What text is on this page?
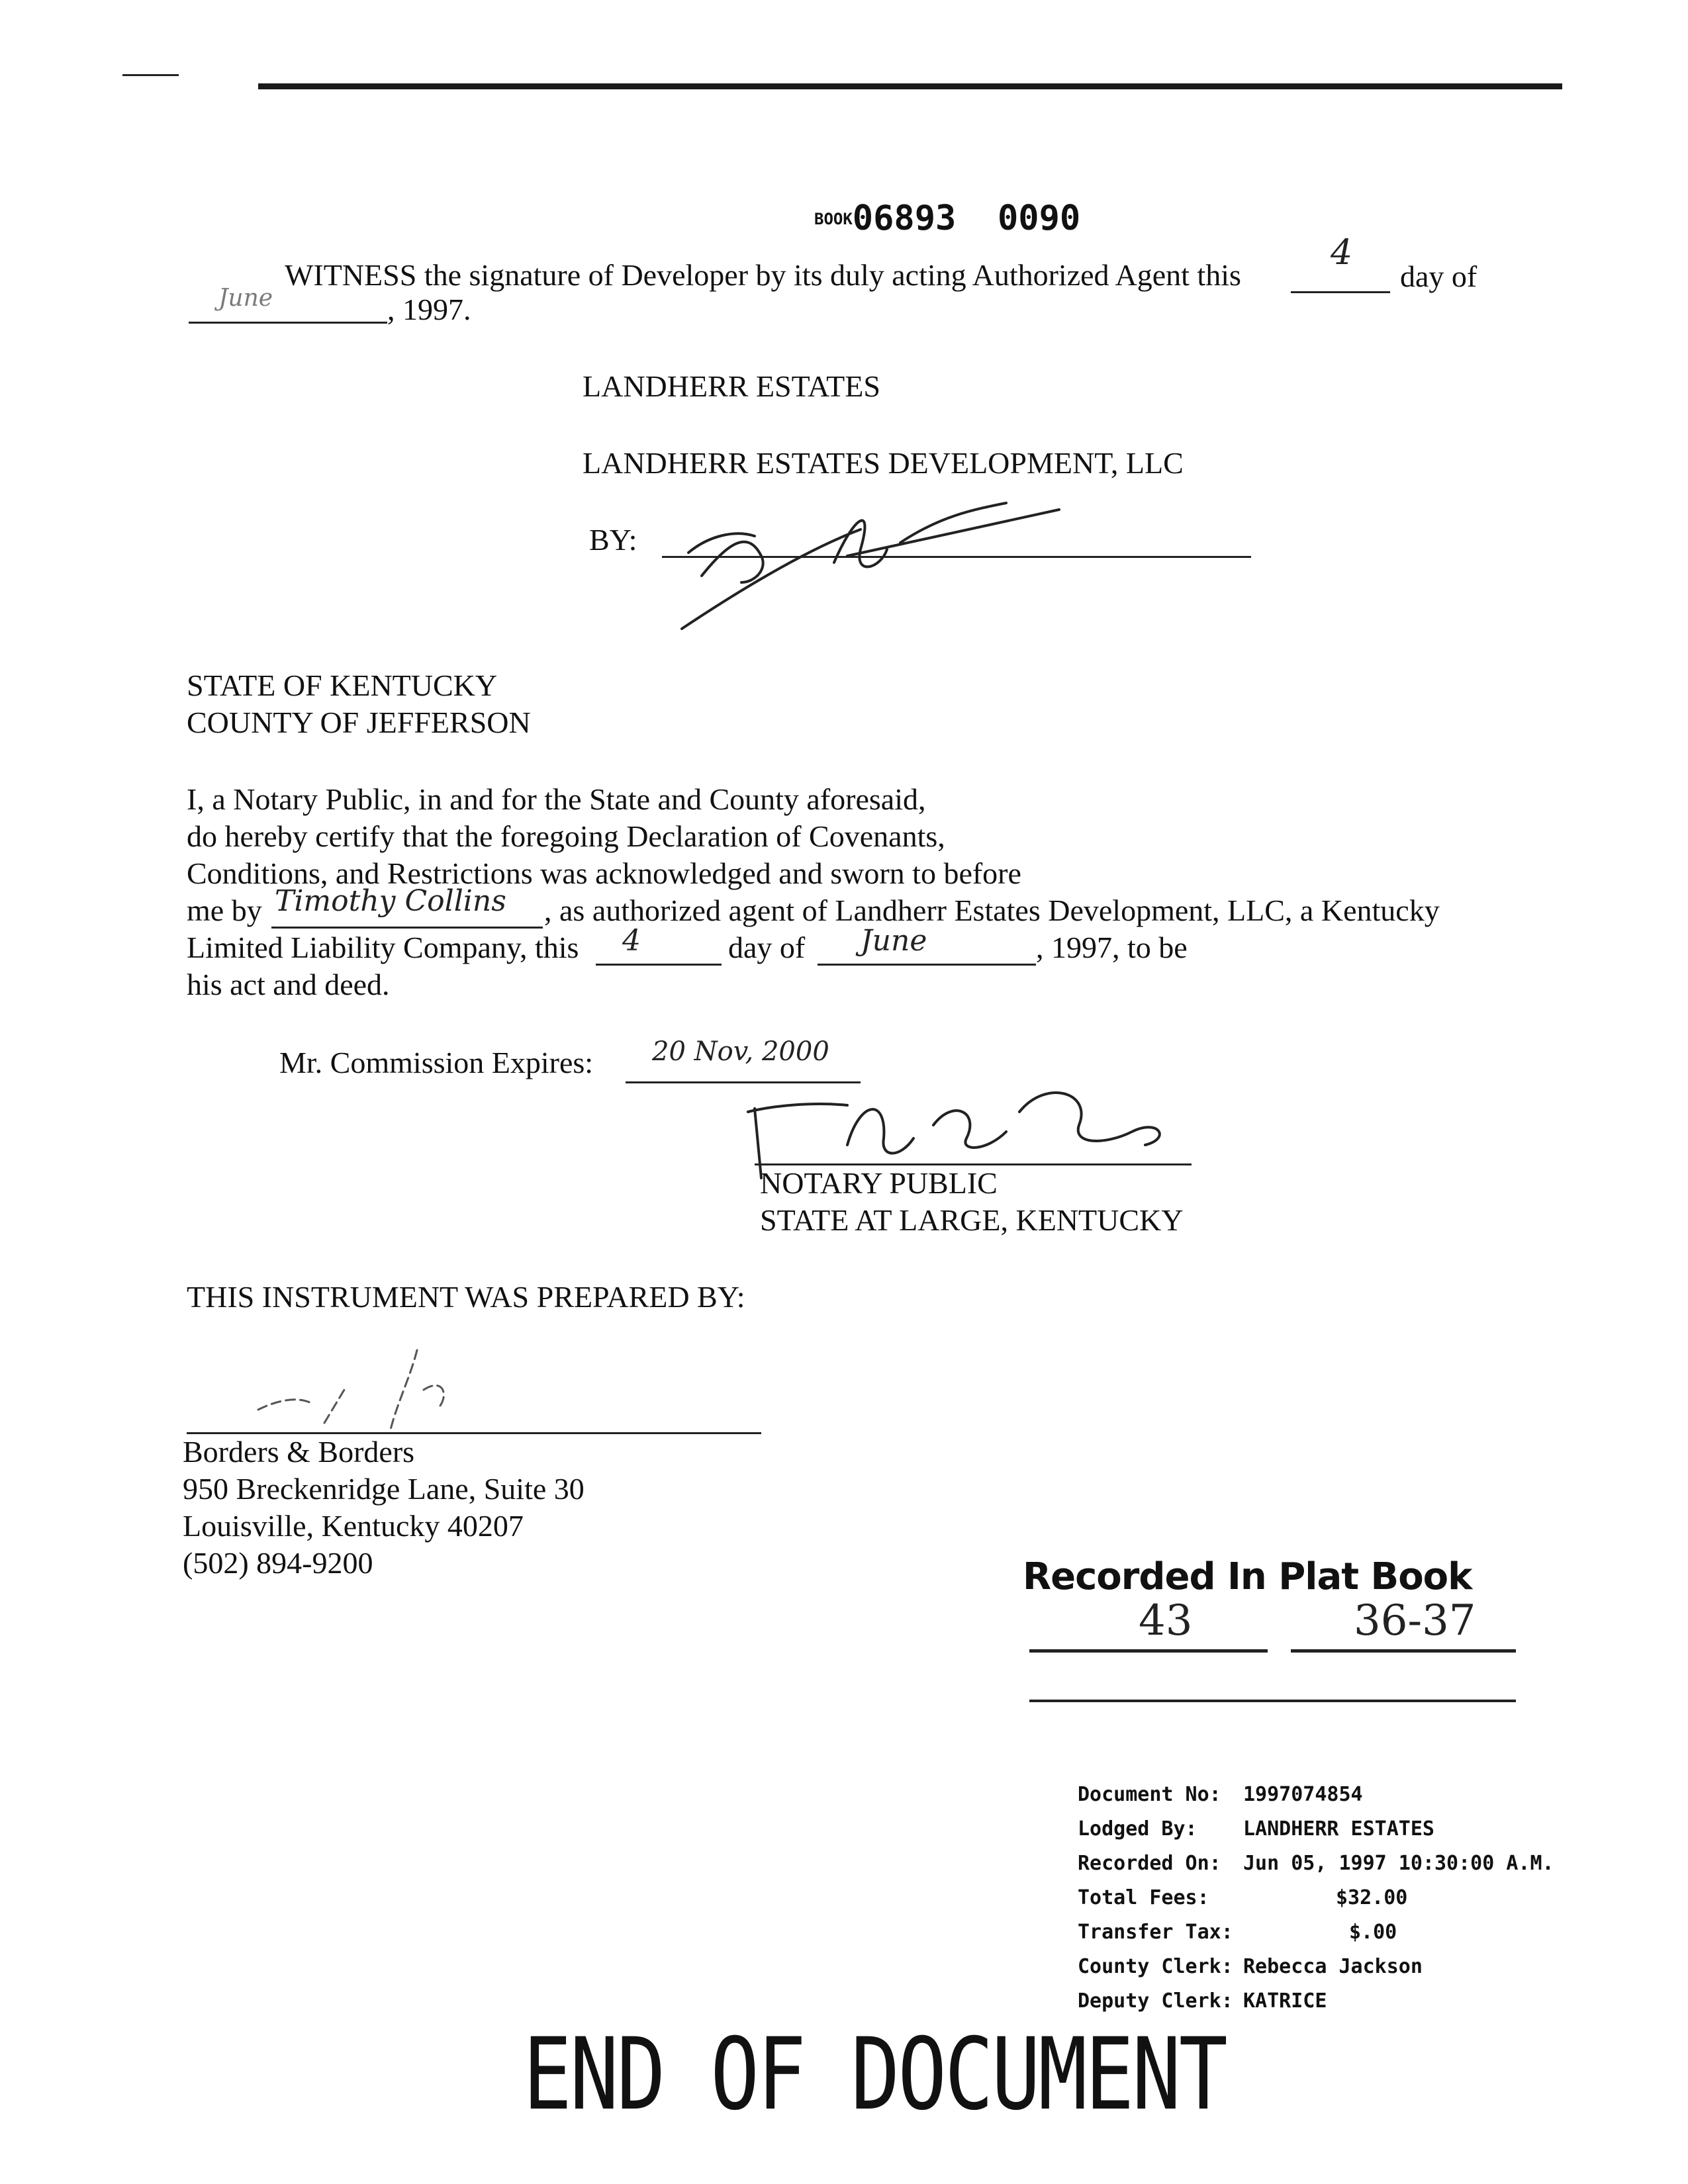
BOOK06893 0090
WITNESS the signature of Developer by its duly acting Authorized Agent this
4
day of
June	, 1997.
LANDHERR ESTATES
LANDHERR ESTATES DEVELOPMENT, LLC
BY:
STATE OF KENTUCKY
COUNTY OF JEFFERSON
I, a Notary Public, in and for the State and County aforesaid,
do hereby certify that the foregoing Declaration of Covenants,
Conditions, and Restrictions was acknowledged and sworn to before
me by Timothy Collins , as authorized agent of Landherr Estates Development, LLC, a Kentucky
Limited Liability Company, this 4	day of June	, 1997, to be
his act and deed.
Mr. Commission Expires: 20 Nov, 2000
NOTARY PUBLIC
STATE AT LARGE, KENTUCKY
THIS INSTRUMENT WAS PREPARED BY:
Borders & Borders
950 Breckenridge Lane, Suite 30
Louisville, Kentucky 40207
(502) 894-9200	Recorded In Plat Book
43	36-37
Document No: 1997074854
Lodged By: LANDHERR ESTATES
Recorded On: Jun 05, 1997 10:30:00 A.M.
Total Fees:	$32.00
Transfer Tax:	$.00
County Clerk: Rebecca Jackson
Deputy Clerk: KATRICE
END OF DOCUMENT
